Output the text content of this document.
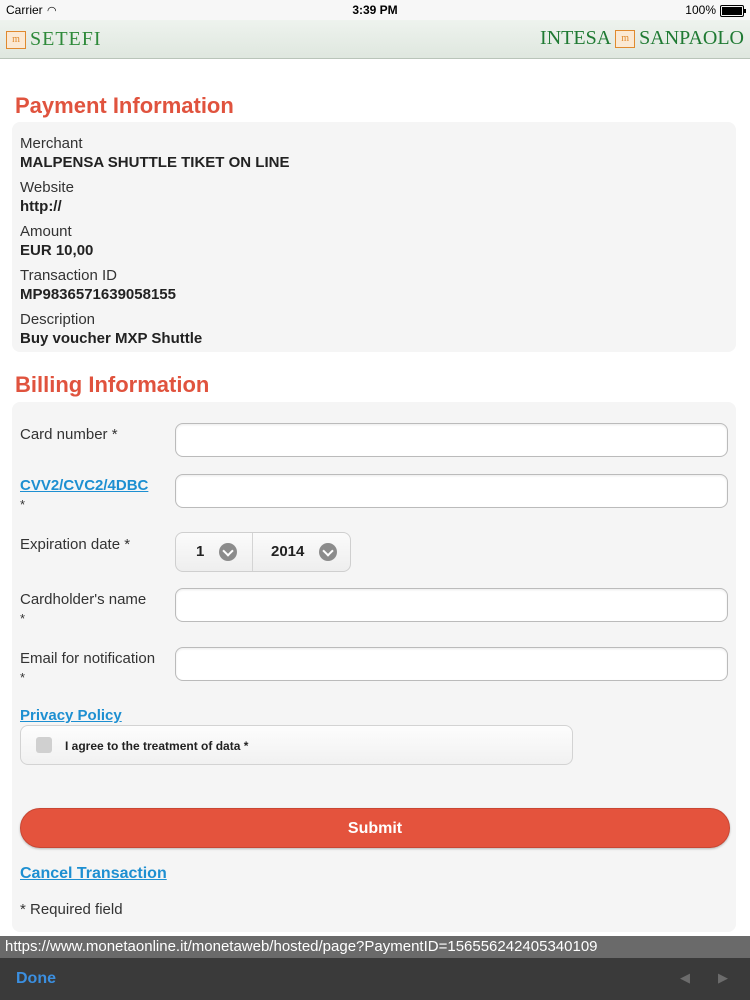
Carrier ◠	3:39 PM	100%
m SETEFI	INTESA m SANPAOLO
Payment Information
Merchant
MALPENSA SHUTTLE TIKET ON LINE
Website
http://
Amount
EUR 10,00
Transaction ID
MP9836571639058155
Description
Buy voucher MXP Shuttle
Billing Information
Card number *
CVV2/CVC2/4DBC
*
Expiration date *	1	2014
Cardholder's name
*
Email for notification
*
Privacy Policy
I agree to the treatment of data *
Submit
Cancel Transaction
* Required field
https://www.monetaonline.it/monetaweb/hosted/page?PaymentID=156556242405340109
Done	◀ ▶
